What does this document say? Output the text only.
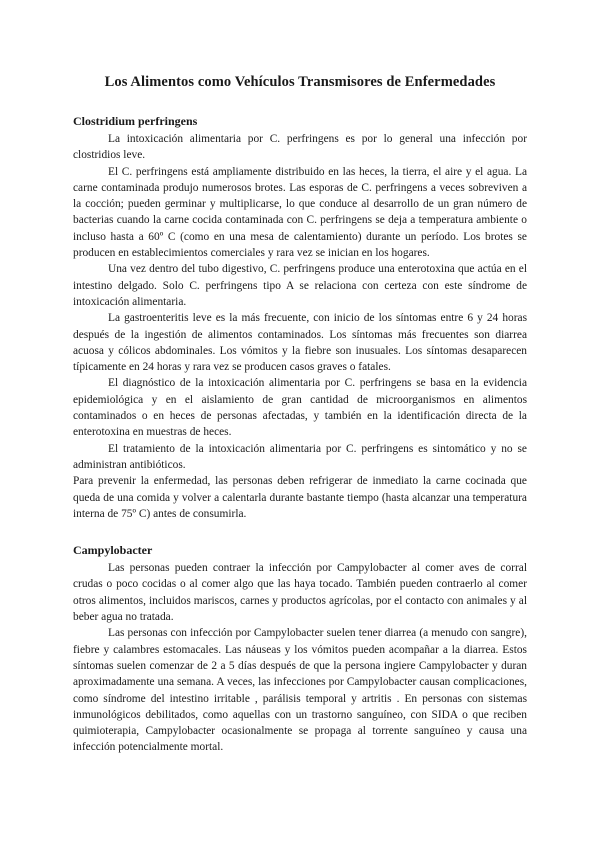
Los Alimentos como Vehículos Transmisores de Enfermedades
Clostridium perfringens

La intoxicación alimentaria por C. perfringens es por lo general una infección por clostridios leve.

El C. perfringens está ampliamente distribuido en las heces, la tierra, el aire y el agua. La carne contaminada produjo numerosos brotes. Las esporas de C. perfringens a veces sobreviven a la cocción; pueden germinar y multiplicarse, lo que conduce al desarrollo de un gran número de bacterias cuando la carne cocida contaminada con C. perfringens se deja a temperatura ambiente o incluso hasta a 60º C (como en una mesa de calentamiento) durante un período. Los brotes se producen en establecimientos comerciales y rara vez se inician en los hogares.

Una vez dentro del tubo digestivo, C. perfringens produce una enterotoxina que actúa en el intestino delgado. Solo C. perfringens tipo A se relaciona con certeza con este síndrome de intoxicación alimentaria.

La gastroenteritis leve es la más frecuente, con inicio de los síntomas entre 6 y 24 horas después de la ingestión de alimentos contaminados. Los síntomas más frecuentes son diarrea acuosa y cólicos abdominales. Los vómitos y la fiebre son inusuales. Los síntomas desaparecen típicamente en 24 horas y rara vez se producen casos graves o fatales.

El diagnóstico de la intoxicación alimentaria por C. perfringens se basa en la evidencia epidemiológica y en el aislamiento de gran cantidad de microorganismos en alimentos contaminados o en heces de personas afectadas, y también en la identificación directa de la enterotoxina en muestras de heces.

El tratamiento de la intoxicación alimentaria por C. perfringens es sintomático y no se administran antibióticos.

Para prevenir la enfermedad, las personas deben refrigerar de inmediato la carne cocinada que queda de una comida y volver a calentarla durante bastante tiempo (hasta alcanzar una temperatura interna de 75º C) antes de consumirla.

Campylobacter

Las personas pueden contraer la infección por Campylobacter al comer aves de corral crudas o poco cocidas o al comer algo que las haya tocado. También pueden contraerlo al comer otros alimentos, incluidos mariscos, carnes y productos agrícolas, por el contacto con animales y al beber agua no tratada.

Las personas con infección por Campylobacter suelen tener diarrea (a menudo con sangre), fiebre y calambres estomacales. Las náuseas y los vómitos pueden acompañar a la diarrea. Estos síntomas suelen comenzar de 2 a 5 días después de que la persona ingiere Campylobacter y duran aproximadamente una semana. A veces, las infecciones por Campylobacter causan complicaciones, como síndrome del intestino irritable , parálisis temporal y artritis . En personas con sistemas inmunológicos debilitados, como aquellas con un trastorno sanguíneo, con SIDA o que reciben quimioterapia, Campylobacter ocasionalmente se propaga al torrente sanguíneo y causa una infección potencialmente mortal.
